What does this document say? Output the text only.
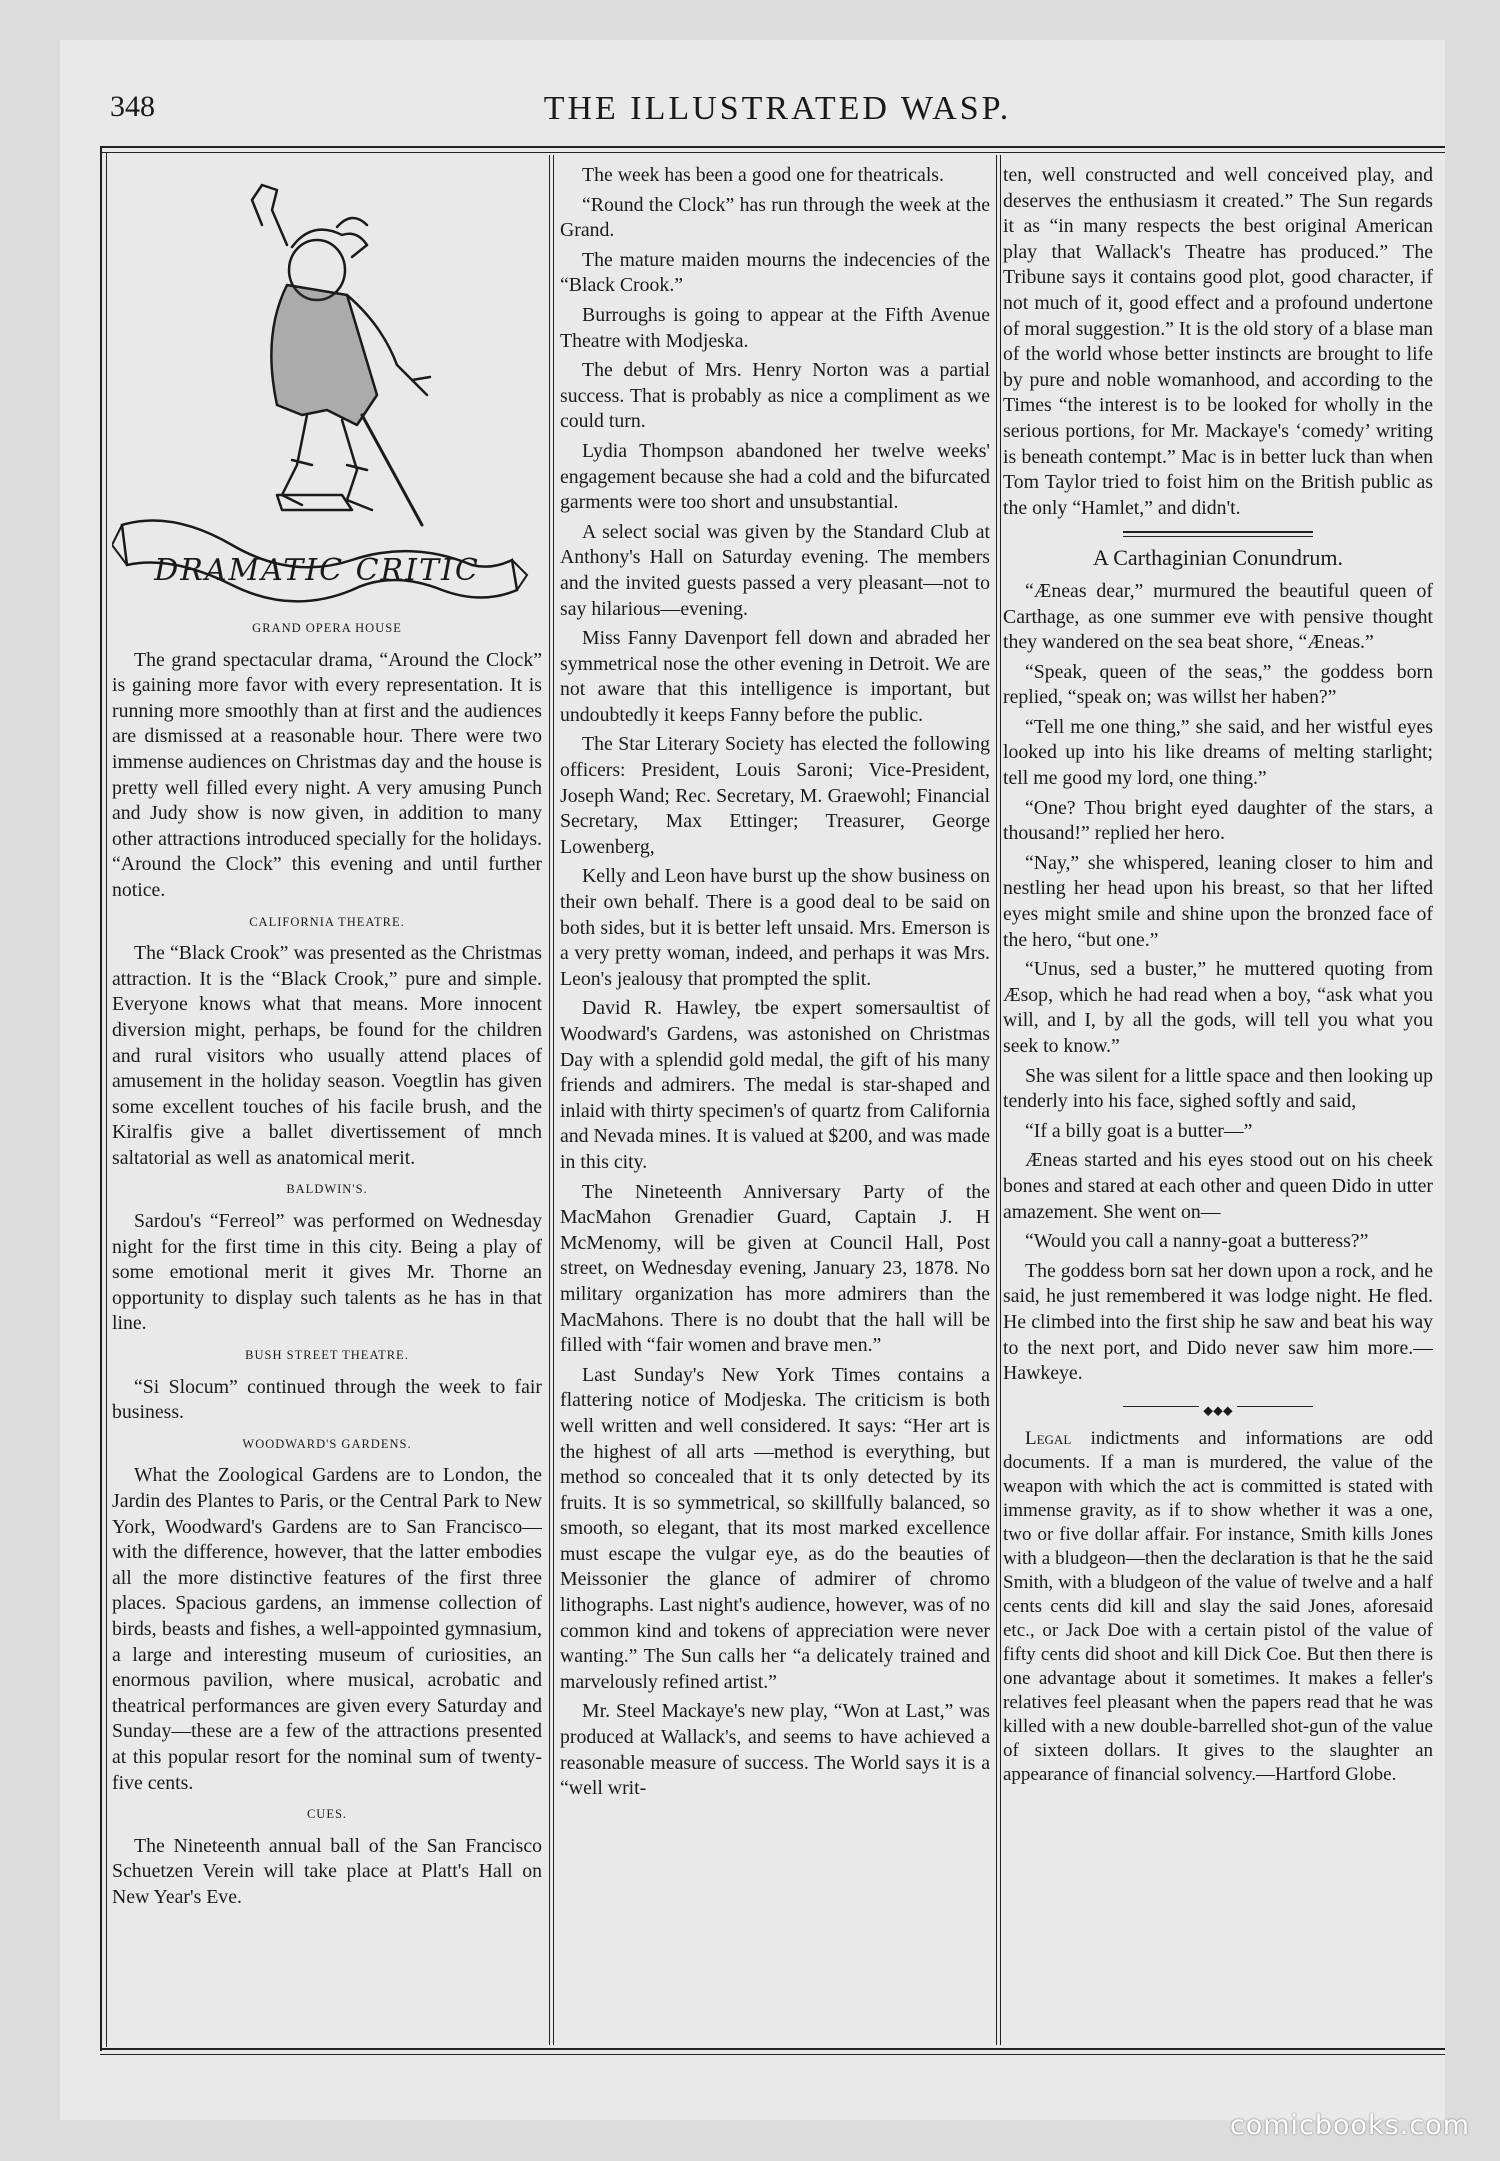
348	THE ILLUSTRATED WASP.
DRAMATIC CRITIC
GRAND OPERA HOUSE

The grand spectacular drama, “Around the Clock” is gaining more favor with every representation. It is running more smoothly than at first and the audiences are dismissed at a reasonable hour. There were two immense audiences on Christmas day and the house is pretty well filled every night. A very amusing Punch and Judy show is now given, in addition to many other attractions introduced specially for the holidays. “Around the Clock” this evening and until further notice.

CALIFORNIA THEATRE.

The “Black Crook” was presented as the Christmas attraction. It is the “Black Crook,” pure and simple. Everyone knows what that means. More innocent diversion might, perhaps, be found for the children and rural visitors who usually attend places of amusement in the holiday season. Voegtlin has given some excellent touches of his facile brush, and the Kiralfis give a ballet divertissement of mnch saltatorial as well as anatomical merit.

BALDWIN'S.

Sardou's “Ferreol” was performed on Wednesday night for the first time in this city. Being a play of some emotional merit it gives Mr. Thorne an opportunity to display such talents as he has in that line.

BUSH STREET THEATRE.

“Si Slocum” continued through the week to fair business.

WOODWARD'S GARDENS.

What the Zoological Gardens are to London, the Jardin des Plantes to Paris, or the Central Park to New York, Woodward's Gardens are to San Francisco—with the difference, however, that the latter embodies all the more distinctive features of the first three places. Spacious gardens, an immense collection of birds, beasts and fishes, a well-appointed gymnasium, a large and interesting museum of curiosities, an enormous pavilion, where musical, acrobatic and theatrical performances are given every Saturday and Sunday—these are a few of the attractions presented at this popular resort for the nominal sum of twenty-five cents.

CUES.

The Nineteenth annual ball of the San Francisco Schuetzen Verein will take place at Platt's Hall on New Year's Eve.

The week has been a good one for theatricals.

“Round the Clock” has run through the week at the Grand.

The mature maiden mourns the indecencies of the “Black Crook.”

Burroughs is going to appear at the Fifth Avenue Theatre with Modjeska.

The debut of Mrs. Henry Norton was a partial success. That is probably as nice a compliment as we could turn.

Lydia Thompson abandoned her twelve weeks' engagement because she had a cold and the bifurcated garments were too short and unsubstantial.

A select social was given by the Standard Club at Anthony's Hall on Saturday evening. The members and the invited guests passed a very pleasant—not to say hilarious—evening.

Miss Fanny Davenport fell down and abraded her symmetrical nose the other evening in Detroit. We are not aware that this intelligence is important, but undoubtedly it keeps Fanny before the public.

The Star Literary Society has elected the following officers: President, Louis Saroni; Vice-President, Joseph Wand; Rec. Secretary, M. Graewohl; Financial Secretary, Max Ettinger; Treasurer, George Lowenberg,

Kelly and Leon have burst up the show business on their own behalf. There is a good deal to be said on both sides, but it is better left unsaid. Mrs. Emerson is a very pretty woman, indeed, and perhaps it was Mrs. Leon's jealousy that prompted the split.

David R. Hawley, tbe expert somersaultist of Woodward's Gardens, was astonished on Christmas Day with a splendid gold medal, the gift of his many friends and admirers. The medal is star-shaped and inlaid with thirty specimen's of quartz from California and Nevada mines. It is valued at $200, and was made in this city.

The Nineteenth Anniversary Party of the MacMahon Grenadier Guard, Captain J. H McMenomy, will be given at Council Hall, Post street, on Wednesday evening, January 23, 1878. No military organization has more admirers than the MacMahons. There is no doubt that the hall will be filled with “fair women and brave men.”

Last Sunday's New York Times contains a flattering notice of Modjeska. The criticism is both well written and well considered. It says: “Her art is the highest of all arts —method is everything, but method so concealed that it ts only detected by its fruits. It is so symmetrical, so skillfully balanced, so smooth, so elegant, that its most marked excellence must escape the vulgar eye, as do the beauties of Meissonier the glance of admirer of chromo lithographs. Last night's audience, however, was of no common kind and tokens of appreciation were never wanting.” The Sun calls her “a delicately trained and marvelously refined artist.”

Mr. Steel Mackaye's new play, “Won at Last,” was produced at Wallack's, and seems to have achieved a reasonable measure of success. The World says it is a “well writ-

ten, well constructed and well conceived play, and deserves the enthusiasm it created.” The Sun regards it as “in many respects the best original American play that Wallack's Theatre has produced.” The Tribune says it contains good plot, good character, if not much of it, good effect and a profound undertone of moral suggestion.” It is the old story of a blase man of the world whose better instincts are brought to life by pure and noble womanhood, and according to the Times “the interest is to be looked for wholly in the serious portions, for Mr. Mackaye's ‘comedy’ writing is beneath contempt.” Mac is in better luck than when Tom Taylor tried to foist him on the British public as the only “Hamlet,” and didn't.

A Carthaginian Conundrum.

“Æneas dear,” murmured the beautiful queen of Carthage, as one summer eve with pensive thought they wandered on the sea beat shore, “Æneas.”

“Speak, queen of the seas,” the goddess born replied, “speak on; was willst her haben?”

“Tell me one thing,” she said, and her wistful eyes looked up into his like dreams of melting starlight; tell me good my lord, one thing.”

“One? Thou bright eyed daughter of the stars, a thousand!” replied her hero.

“Nay,” she whispered, leaning closer to him and nestling her head upon his breast, so that her lifted eyes might smile and shine upon the bronzed face of the hero, “but one.”

“Unus, sed a buster,” he muttered quoting from Æsop, which he had read when a boy, “ask what you will, and I, by all the gods, will tell you what you seek to know.”

She was silent for a little space and then looking up tenderly into his face, sighed softly and said,

“If a billy goat is a butter—”

Æneas started and his eyes stood out on his cheek bones and stared at each other and queen Dido in utter amazement. She went on—

“Would you call a nanny-goat a butteress?”

The goddess born sat her down upon a rock, and he said, he just remembered it was lodge night. He fled. He climbed into the first ship he saw and beat his way to the next port, and Dido never saw him more.—Hawkeye.

⬥⬥⬥

Legal indictments and informations are odd documents. If a man is murdered, the value of the weapon with which the act is committed is stated with immense gravity, as if to show whether it was a one, two or five dollar affair. For instance, Smith kills Jones with a bludgeon—then the declaration is that he the said Smith, with a bludgeon of the value of twelve and a half cents cents did kill and slay the said Jones, aforesaid etc., or Jack Doe with a certain pistol of the value of fifty cents did shoot and kill Dick Coe. But then there is one advantage about it sometimes. It makes a feller's relatives feel pleasant when the papers read that he was killed with a new double-barrelled shot-gun of the value of sixteen dollars. It gives to the slaughter an appearance of financial solvency.—Hartford Globe.

comicbooks.com
